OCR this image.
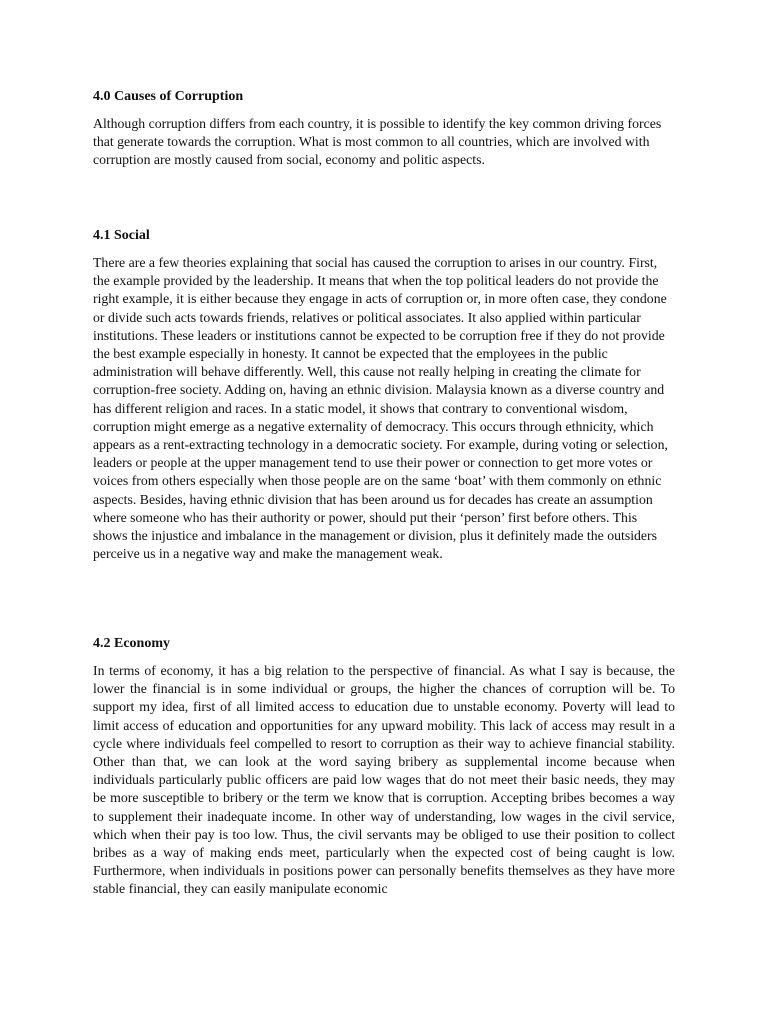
4.0 Causes of Corruption

Although corruption differs from each country, it is possible to identify the key common driving forces that generate towards the corruption. What is most common to all countries, which are involved with corruption are mostly caused from social, economy and politic aspects.

4.1 Social

There are a few theories explaining that social has caused the corruption to arises in our country. First, the example provided by the leadership. It means that when the top political leaders do not provide the right example, it is either because they engage in acts of corruption or, in more often case, they condone or divide such acts towards friends, relatives or political associates. It also applied within particular institutions. These leaders or institutions cannot be expected to be corruption free if they do not provide the best example especially in honesty. It cannot be expected that the employees in the public administration will behave differently. Well, this cause not really helping in creating the climate for corruption-free society. Adding on, having an ethnic division. Malaysia known as a diverse country and has different religion and races. In a static model, it shows that contrary to conventional wisdom, corruption might emerge as a negative externality of democracy. This occurs through ethnicity, which appears as a rent-extracting technology in a democratic society. For example, during voting or selection, leaders or people at the upper management tend to use their power or connection to get more votes or voices from others especially when those people are on the same ‘boat’ with them commonly on ethnic aspects. Besides, having ethnic division that has been around us for decades has create an assumption where someone who has their authority or power, should put their ‘person’ first before others. This shows the injustice and imbalance in the management or division, plus it definitely made the outsiders perceive us in a negative way and make the management weak.

4.2 Economy

In terms of economy, it has a big relation to the perspective of financial. As what I say is because, the lower the financial is in some individual or groups, the higher the chances of corruption will be. To support my idea, first of all limited access to education due to unstable economy. Poverty will lead to limit access of education and opportunities for any upward mobility. This lack of access may result in a cycle where individuals feel compelled to resort to corruption as their way to achieve financial stability. Other than that, we can look at the word saying bribery as supplemental income because when individuals particularly public officers are paid low wages that do not meet their basic needs, they may be more susceptible to bribery or the term we know that is corruption. Accepting bribes becomes a way to supplement their inadequate income. In other way of understanding, low wages in the civil service, which when their pay is too low. Thus, the civil servants may be obliged to use their position to collect bribes as a way of making ends meet, particularly when the expected cost of being caught is low. Furthermore, when individuals in positions power can personally benefits themselves as they have more stable financial, they can easily manipulate economic
